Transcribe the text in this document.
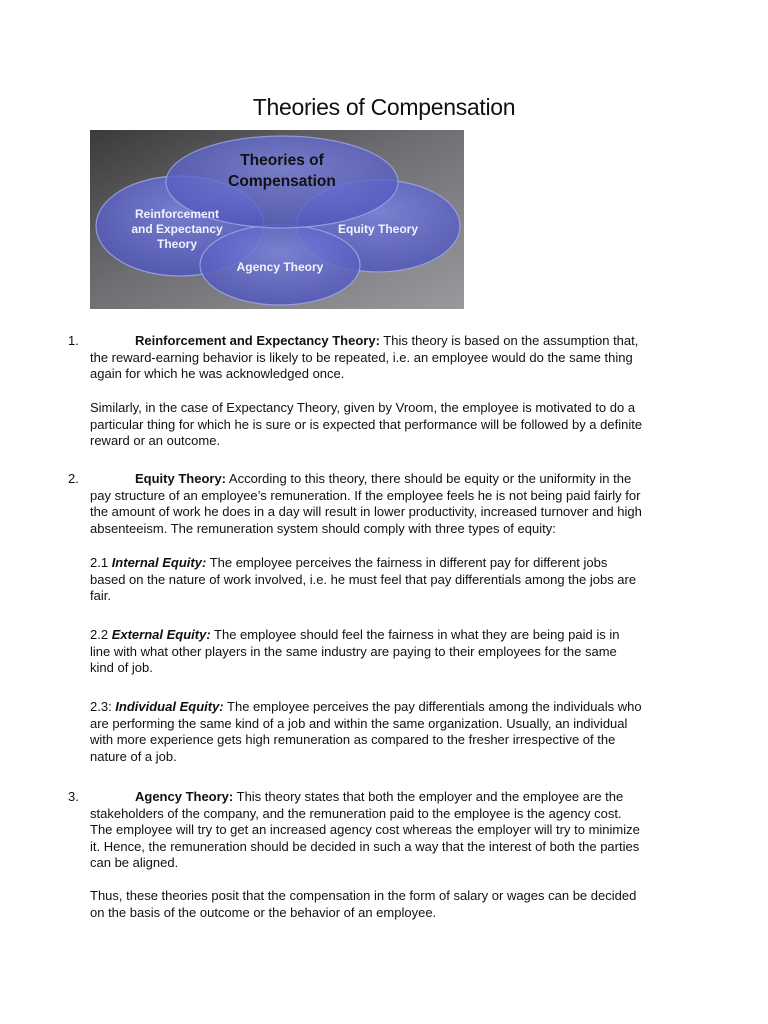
Theories of Compensation
Theories of
Compensation
Reinforcement
and Expectancy
Theory
Equity Theory
Agency Theory
1.	Reinforcement and Expectancy Theory: This theory is based on the assumption that,
the reward-earning behavior is likely to be repeated, i.e. an employee would do the same thing
again for which he was acknowledged once.
Similarly, in the case of Expectancy Theory, given by Vroom, the employee is motivated to do a
particular thing for which he is sure or is expected that performance will be followed by a definite
reward or an outcome.
2.	Equity Theory: According to this theory, there should be equity or the uniformity in the
pay structure of an employee’s remuneration. If the employee feels he is not being paid fairly for
the amount of work he does in a day will result in lower productivity, increased turnover and high
absenteeism. The remuneration system should comply with three types of equity:
2.1 Internal Equity: The employee perceives the fairness in different pay for different jobs
based on the nature of work involved, i.e. he must feel that pay differentials among the jobs are
fair.
2.2 External Equity: The employee should feel the fairness in what they are being paid is in
line with what other players in the same industry are paying to their employees for the same
kind of job.
2.3: Individual Equity: The employee perceives the pay differentials among the individuals who
are performing the same kind of a job and within the same organization. Usually, an individual
with more experience gets high remuneration as compared to the fresher irrespective of the
nature of a job.
3.	Agency Theory: This theory states that both the employer and the employee are the
stakeholders of the company, and the remuneration paid to the employee is the agency cost.
The employee will try to get an increased agency cost whereas the employer will try to minimize
it. Hence, the remuneration should be decided in such a way that the interest of both the parties
can be aligned.
Thus, these theories posit that the compensation in the form of salary or wages can be decided
on the basis of the outcome or the behavior of an employee.
